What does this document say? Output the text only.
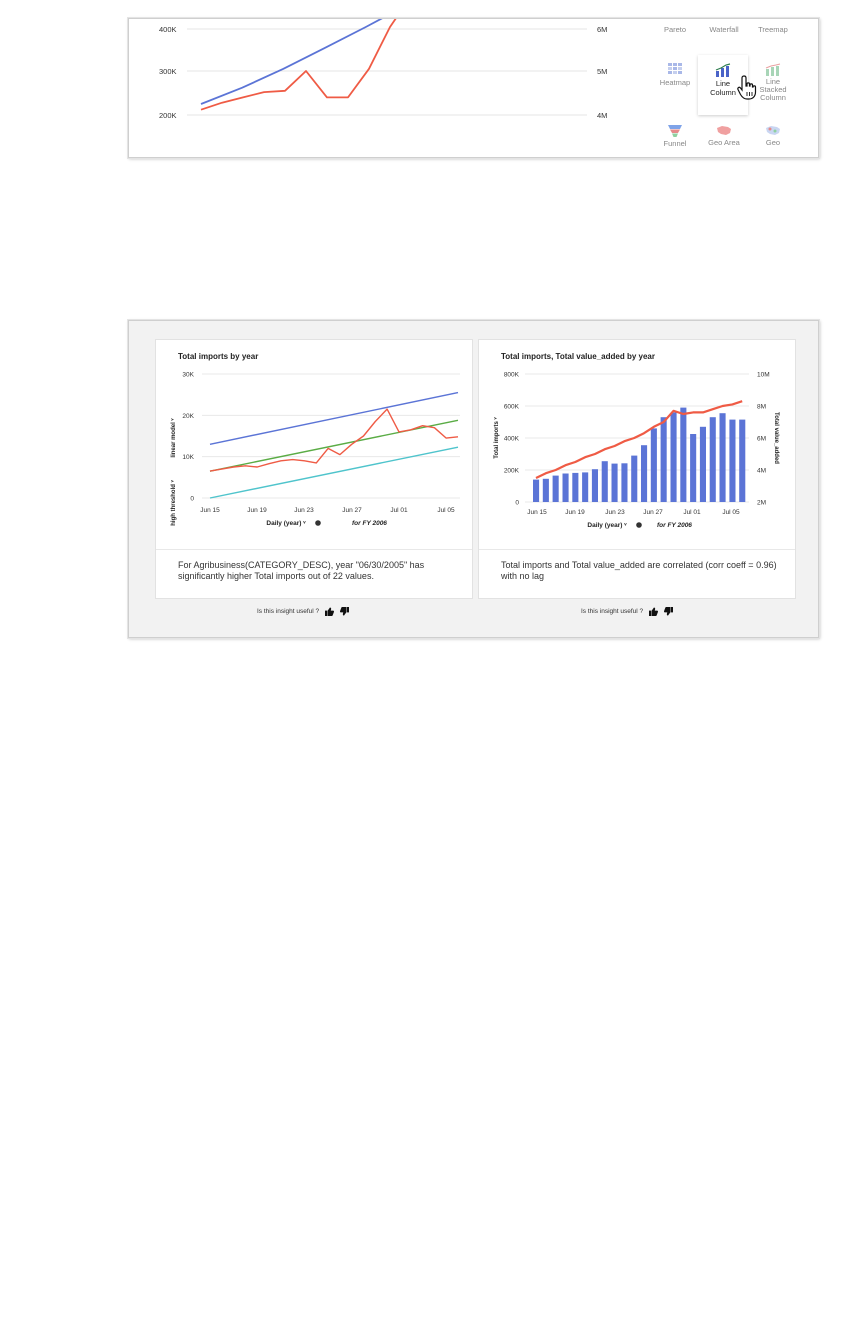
400K	6M
300K	5M
200K	4M
Pareto	Waterfall	Treemap
Heatmap	Line Column
Line Stacked Column
Funnel	Geo Area	Geo
Total imports by year
30K
20K
10K
0
Jun 15	Jun 19	Jun 23	Jun 27	Jul 01	Jul 05
linear model ᵛ
high threshold ᵛ	Daily (year) ᵛ	for FY 2006
For Agribusiness(CATEGORY_DESC), year "06/30/2005" has significantly higher Total imports out of 22 values.
Is this insight useful ?
Total imports, Total value_added by year
800K	10M
600K	8M
400K	6M
200K	4M
0	2M
Jun 15	Jun 19	Jun 23	Jun 27	Jul 01	Jul 05
Total imports ᵛ	Total value_added
Daily (year) ᵛ	for FY 2006
Total imports and Total value_added are correlated (corr coeff = 0.96) with no lag
Is this insight useful ?
